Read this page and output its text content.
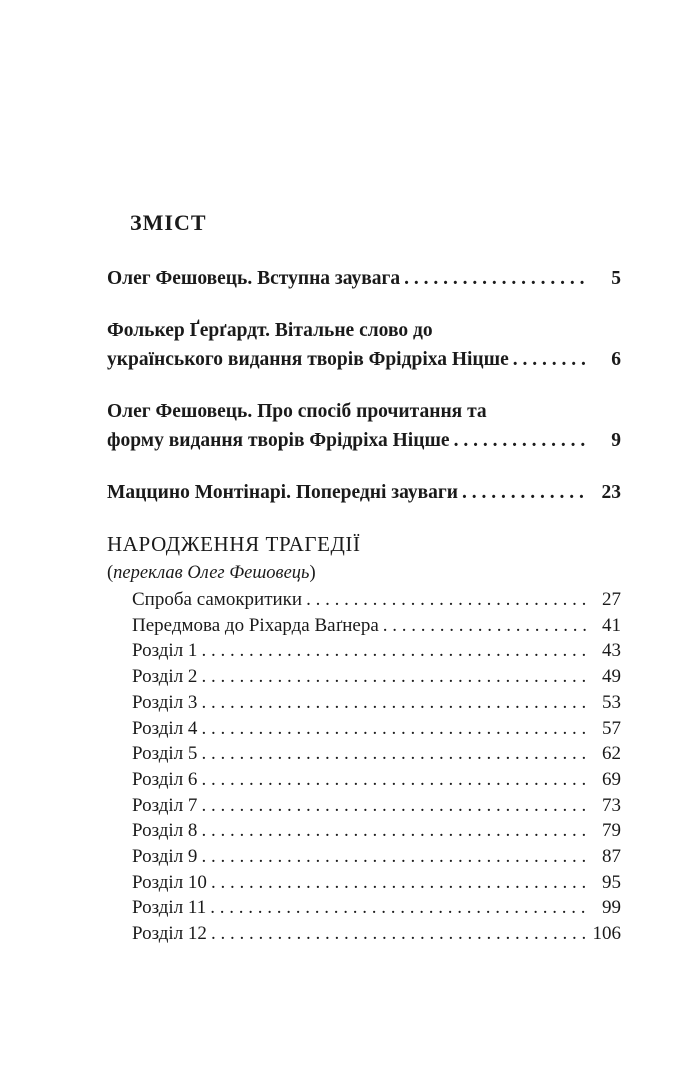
ЗМІСТ
Олег Фешовець. Вступна заувага . . .	5
Фолькер Ґерґардт. Вітальне слово до
українського видання творів Фрідріха Ніцше . . .	6
Олег Фешовець. Про спосіб прочитання та
форму видання творів Фрідріха Ніцше . . .	9
Маццино Монтінарі. Попередні зауваги . . .	23
НАРОДЖЕННЯ ТРАГЕДІЇ
(переклав Олег Фешовець)
Спроба самокритики . . .	27
Передмова до Ріхарда Ваґнера . . .	41
Розділ 1 . . .	43
Розділ 2 . . .	49
Розділ 3 . . .	53
Розділ 4 . . .	57
Розділ 5 . . .	62
Розділ 6 . . .	69
Розділ 7 . . .	73
Розділ 8 . . .	79
Розділ 9 . . .	87
Розділ 10 . . .	95
Розділ 11 . . .	99
Розділ 12 . . .	106
